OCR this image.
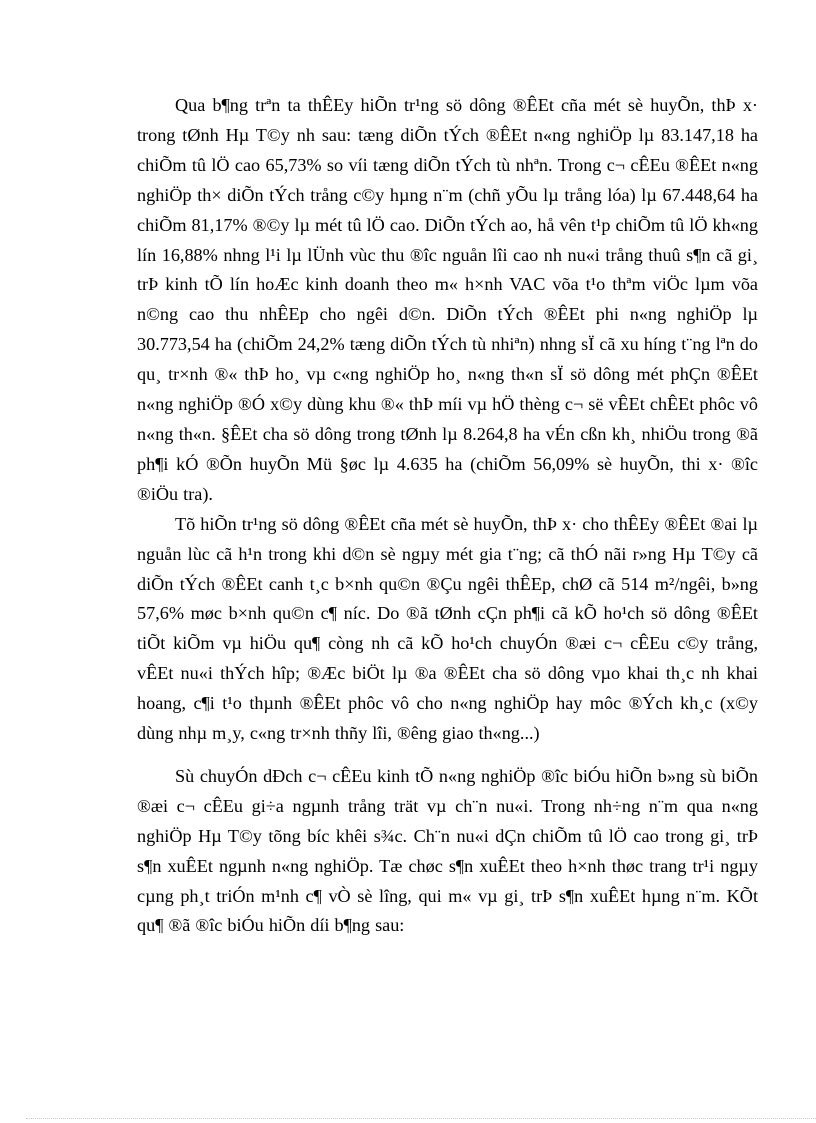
Qua b¶ng trªn ta thÊEy hiÕn tr¹ng sö dông ®ÊEt cña mét sè huyÕn, thÞ x· trong tØnh Hµ T©y nh sau: tæng diÕn tÝch ®ÊEt n«ng nghiÖp lµ 83.147,18 ha chiÕm tû lÖ cao 65,73% so víi tæng diÕn tÝch tù nhªn. Trong c¬ cÊEu ®ÊEt n«ng nghiÖp th× diÕn tÝch trång c©y hµng n¨m (chñ yÕu lµ trång lóa) lµ 67.448,64 ha chiÕm 81,17% ®©y lµ mét tû lÖ cao. DiÕn tÝch ao, hå vên t¹p chiÕm tû lÖ kh«ng lín 16,88% nhng l¹i lµ lÜnh vùc thu ®îc nguån lîi cao nh nu«i trång thuû s¶n cã gi¸ trÞ kinh tÕ lín hoÆc kinh doanh theo m« h×nh VAC võa t¹o thªm viÖc lµm võa n©ng cao thu nhÊEp cho ngêi d©n. DiÕn tÝch ®ÊEt phi n«ng nghiÖp lµ 30.773,54 ha (chiÕm 24,2% tæng diÕn tÝch tù nhiªn) nhng sÏ cã xu híng t¨ng lªn do qu¸ tr×nh ®« thÞ ho¸ vµ c«ng nghiÖp ho¸ n«ng th«n sÏ sö dông mét phÇn ®ÊEt n«ng nghiÖp ®Ó x©y dùng khu ®« thÞ míi vµ hÖ thèng c¬ së vÊEt chÊEt phôc vô n«ng th«n. §ÊEt cha sö dông trong tØnh lµ 8.264,8 ha vÉn cßn kh¸ nhiÖu trong ®ã ph¶i kÓ ®Õn huyÕn Mü §øc lµ 4.635 ha (chiÕm 56,09% sè huyÕn, thi x· ®îc ®iÖu tra).

Tõ hiÕn tr¹ng sö dông ®ÊEt cña mét sè huyÕn, thÞ x· cho thÊEy ®ÊEt ®ai lµ nguån lùc cã h¹n trong khi d©n sè ngµy mét gia t¨ng; cã thÓ nãi r»ng Hµ T©y cã diÕn tÝch ®ÊEt canh t¸c b×nh qu©n ®Çu ngêi thÊEp, chØ cã 514 m²/ngêi, b»ng 57,6% møc b×nh qu©n c¶ níc. Do ®ã tØnh cÇn ph¶i cã kÕ ho¹ch sö dông ®ÊEt tiÕt kiÕm vµ hiÖu qu¶ còng nh cã kÕ ho¹ch chuyÓn ®æi c¬ cÊEu c©y trång, vÊEt nu«i thÝch hîp; ®Æc biÖt lµ ®a ®ÊEt cha sö dông vµo khai th¸c nh khai hoang, c¶i t¹o thµnh ®ÊEt phôc vô cho n«ng nghiÖp hay môc ®Ých kh¸c (x©y dùng nhµ m¸y, c«ng tr×nh thñy lîi, ®êng giao th«ng...)

Sù chuyÓn dÐch c¬ cÊEu kinh tÕ n«ng nghiÖp ®îc biÓu hiÕn b»ng sù biÕn ®æi c¬ cÊEu gi÷a ngµnh trång trät vµ ch¨n nu«i. Trong nh÷ng n¨m qua n«ng nghiÖp Hµ T©y tõng bíc khêi s¾c. Ch¨n nu«i dÇn chiÕm tû lÖ cao trong gi¸ trÞ s¶n xuÊEt ngµnh n«ng nghiÖp. Tæ chøc s¶n xuÊEt theo h×nh thøc trang tr¹i ngµy cµng ph¸t triÓn m¹nh c¶ vÒ sè lîng, qui m« vµ gi¸ trÞ s¶n xuÊEt hµng n¨m. KÕt qu¶ ®ã ®îc biÓu hiÕn díi b¶ng sau:
